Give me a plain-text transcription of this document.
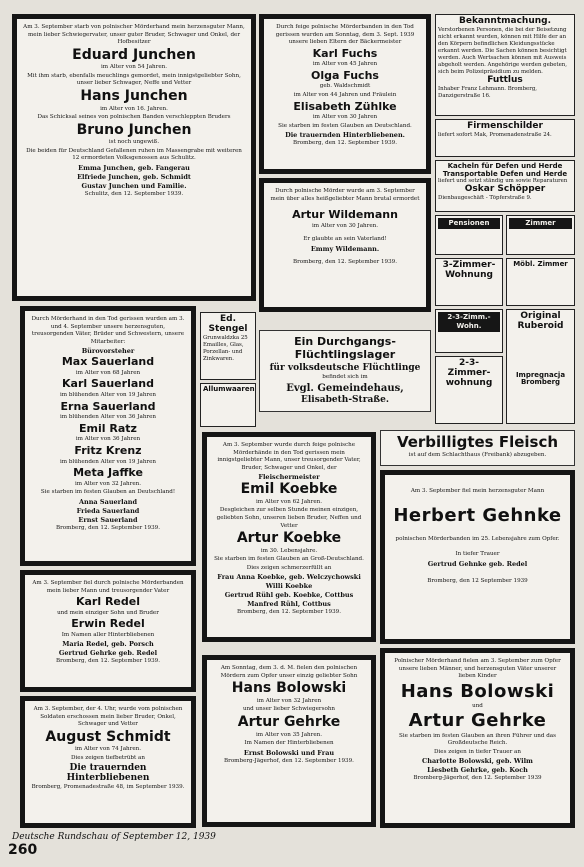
Am 3. September starb von polnischer Mörderhand mein herzensguter Mann, mein lieber Schwiegervater, unser guter Bruder, Schwager und Onkel, der Hofbesitzer
Eduard Junchen
im Alter von 54 Jahren.
Mit ihm starb, ebenfalls meuchlings gemordet, mein innigstgeliebter Sohn, unser lieber Schwager, Neffe und Vetter
Hans Junchen
im Alter von 16. Jahren.
Das Schicksal seines von polnischen Banden verschleppten Bruders
Bruno Junchen
ist noch ungewiß.
Die beiden für Deutschland Gefallenen ruhen im Massengrabe mit weiteren 12 ermordeten Volksgenossen aus Schulitz.
Emma Junchen, geb. Fangerau
Elfriede Junchen, geb. Schmidt
Gustav Junchen und Familie.
Schulitz, den 12. September 1939.
Durch feige polnische Mörderbanden in den Tod gerissen wurden am Sonntag, dem 3. Sept. 1939 unsere lieben Eltern der Bäckermeister
Karl Fuchs
im Alter von 45 Jahren
Olga Fuchs
geb. Waldschmidt
im Alter von 44 Jahren und Fräulein
Elisabeth Zühlke
im Alter von 30 Jahren
Sie starben im festen Glauben an Deutschland.
Die trauernden Hinterbliebenen.
Bromberg, den 12. September 1939.
Durch polnische Mörder wurde am 3. September mein über alles heißgeliebter Mann brutal ermordet
Artur Wildemann
im Alter von 30 Jahren.
Er glaubte an sein Vaterland!
Emmy Wildemann.
Bromberg, den 12. September 1939.
Bekanntmachung.
Verstorbenen Personen, die bei der Beisetzung nicht erkannt wurden, können mit Hilfe der an den Körpern befindlichen Kleidungsstücke erkannt werden. Die Sachen können besichtigt werden. Auch Wertsachen können mit Ausweis abgeholt werden. Angehörige werden gebeten, sich beim Polizeipräsidium zu melden.
Futtlus
Inhaber Franz Lehmann. Bromberg, Danzigerstraße 16.
Firmenschilder
liefert sofort Mak, Promenadenstraße 24.
Kacheln für Defen und Herde Transportable Defen und Herde
liefert und setzt ständig um sowie Reparaturen
Oskar Schöpper
Dienbaugeschäft - Töpferstraße 9.
Pensionen	Zimmer
Möbl. Zimmer
3-Zimmer-Wohnung
2-3-Zimm.-Wohn.
2-3-Zimmer-wohnung
Original Ruberoid
Impregnacja Bromberg
Ed. Stengel
Grunwaldzka 25 Emailles, Glas, Porzellan- und Zinkwaren.
Allumwaaren
Ein Durchgangs-Flüchtlingslager
für volksdeutsche Flüchtlinge
befindet sich im
Evgl. Gemeindehaus,
Elisabeth-Straße.
Durch Mörderhand in den Tod gerissen wurden am 3. und 4. September unsere herzensguten, treusorgenden Väter, Brüder und Schwestern, unsere Mitarbeiter:
Bürovorsteher
Max Sauerland
im Alter von 68 Jahren
Karl Sauerland
im blühenden Alter von 19 Jahren
Erna Sauerland
im blühenden Alter von 36 Jahren
Emil Ratz
im Alter von 36 Jahren
Fritz Krenz
im blühenden Alter von 19 Jahren
Meta Jaffke
im Alter von 32 Jahren.
Sie starben im festen Glauben an Deutschland!
Anna Sauerland
Frieda Sauerland
Ernst Sauerland
Bromberg, den 12. September 1939.
Verbilligtes Fleisch
ist auf dem Schlachthaus (Freibank) abzugeben.
Am 3. September wurde durch feige polnische Mörderhände in den Tod gerissen mein innigstgeliebter Mann, unser treusorgender Vater, Bruder, Schwager und Onkel, der
Fleischermeister
Emil Koebke
im Alter von 62 Jahren.
Desgleichen zur selben Stunde meinen einzigen, geliebten Sohn, unseren lieben Bruder, Neffen und Vetter
Artur Koebke
im 30. Lebensjahre.
Sie starben im festen Glauben an Groß-Deutschland.
Dies zeigen schmerzerfüllt an
Frau Anna Koebke, geb. Welczychowski
Willi Koebke
Gertrud Rühl geb. Koebke, Cottbus
Manfred Rühl, Cottbus
Bromberg, den 12. September 1939.
Am 3. September fiel mein herzensguter Mann
Herbert Gehnke
polnischen Mörderbanden im 25. Lebensjahre zum Opfer.
In tiefer Trauer
Gertrud Gehnke geb. Redel
Bromberg, den 12 September 1939
Am 3. September fiel durch polnische Mörderbanden mein lieber Mann und treusorgender Vater
Karl Redel
und mein einziger Sohn und Bruder
Erwin Redel
Im Namen aller Hinterbliebenen
Maria Redel, geb. Porsch
Gertrud Gehrke geb. Redel
Bromberg, den 12. September 1939.
Am 3. September, der 4. Uhr, wurde vom polnischen Soldaten erschossen mein lieber Bruder, Onkel, Schwager und Vetter
August Schmidt
im Alter von 74 Jahren.
Dies zeigen tiefbetrübt an
Die trauernden Hinterbliebenen
Bromberg, Promenadestraße 48, im September 1939.
Am Sonntag, dem 3. d. M. fielen den polnischen Mördern zum Opfer unser einzig geliebter Sohn
Hans Bolowski
im Alter von 32 Jahren
und unser lieber Schwiegersohn
Artur Gehrke
im Alter von 35 Jahren.
Im Namen der Hinterbliebenen
Ernst Bolowski und Frau
Bromberg-Jägerhof, den 12. September 1939.
Polnischer Mörderhand fielen am 3. September zum Opfer unsere lieben Männer, und herzensguten Väter unserer lieben Kinder
Hans Bolowski
und
Artur Gehrke
Sie starben im festen Glauben an ihren Führer und das Großdeutsche Reich.
Dies zeigen in tiefer Trauer an
Charlotte Bolowski, geb. Wilm
Liesbeth Gehrke, geb. Koch
Bromberg-Jägerhof, den 12. September 1939
Deutsche Rundschau of September 12, 1939
260
